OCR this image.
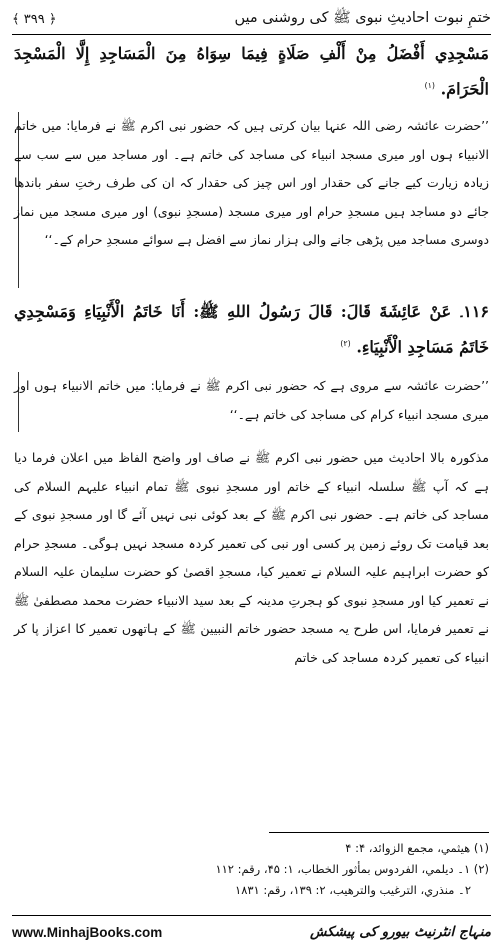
ختمِ نبوت احادیثِ نبوی ﷺ کی روشنی میں
﴿ ۳۹۹ ﴾
مَسْجِدِي أَفْضَلُ مِنْ أَلْفِ صَلَاةٍ فِيمَا سِوَاهُ مِنَ الْمَسَاجِدِ إِلَّا الْمَسْجِدَ الْحَرَامَ. $^{(۱)}$
’’حضرت عائشہ رضی اللہ عنہا بیان کرتی ہیں کہ حضور نبی اکرم ﷺ نے فرمایا: میں خاتم الانبیاء ہوں اور میری مسجد انبیاء کی مساجد کی خاتم ہے۔ اور مساجد میں سے سب سے زیادہ زیارت کیے جانے کی حقدار اور اس چیز کی حقدار کہ ان کی طرف رختِ سفر باندھا جائے دو مساجد ہیں مسجدِ حرام اور میری مسجد (مسجدِ نبوی) اور میری مسجد میں نماز دوسری مساجد میں پڑھی جانے والی ہزار نماز سے افضل ہے سوائے مسجدِ حرام کے۔‘‘
۱۱۶۔ عَنْ عَائِشَةَ قَالَ: قَالَ رَسُولُ اللهِ ﷺ: أَنَا خَاتَمُ الْأَنْبِيَاءِ وَمَسْجِدِي خَاتَمُ مَسَاجِدِ الْأَنْبِيَاءِ. $^{(۲)}$
’’حضرت عائشہ سے مروی ہے کہ حضور نبی اکرم ﷺ نے فرمایا: میں خاتم الانبیاء ہوں اور میری مسجد انبیاء کرام کی مساجد کی خاتم ہے۔‘‘
مذکورہ بالا احادیث میں حضور نبی اکرم ﷺ نے صاف اور واضح الفاظ میں اعلان فرما دیا ہے کہ آپ ﷺ سلسلہ انبیاء کے خاتم اور مسجدِ نبوی ﷺ تمام انبیاء علیہم السلام کی مساجد کی خاتم ہے۔ حضور نبی اکرم ﷺ کے بعد کوئی نبی نہیں آئے گا اور مسجدِ نبوی کے بعد قیامت تک روئے زمین پر کسی اور نبی کی تعمیر کردہ مسجد نہیں ہوگی۔ مسجدِ حرام کو حضرت ابراہیم علیہ السلام نے تعمیر کیا، مسجدِ اقصیٰ کو حضرت سلیمان علیہ السلام نے تعمیر کیا اور مسجدِ نبوی کو ہجرتِ مدینہ کے بعد سید الانبیاء حضرت محمد مصطفیٰ ﷺ نے تعمیر فرمایا، اس طرح یہ مسجد حضور خاتم النبیین ﷺ کے ہاتھوں تعمیر کا اعزاز پا کر انبیاء کی تعمیر کردہ مساجد کی خاتم
(۱) هيثمي، مجمع الزوائد، ۴: ۴
(۲) ۱۔ ديلمي، الفردوس بمأثور الخطاب، ۱: ۴۵، رقم: ۱۱۲
۲۔ منذري، الترغيب والترهيب، ۲: ۱۳۹، رقم: ۱۸۳۱
www.MinhajBooks.com	منہاج انٹرنیٹ بیورو کی پیشکش
